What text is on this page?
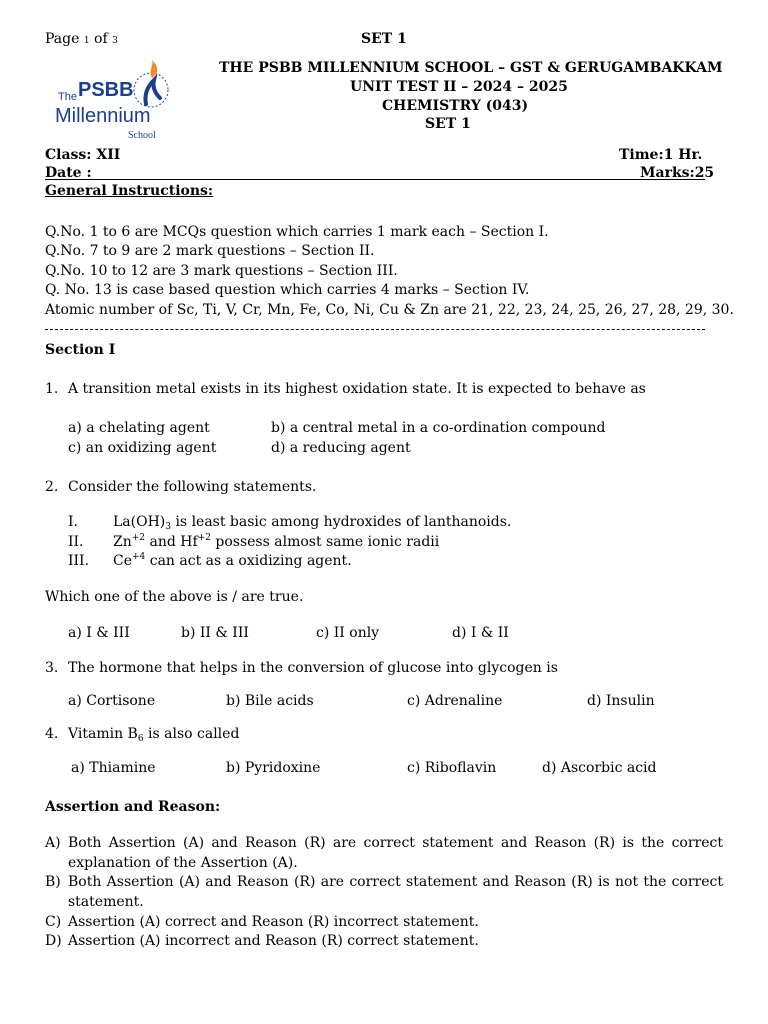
Page 1 of 3	SET 1
The PSBB
Millennium
School
THE PSBB MILLENNIUM SCHOOL – GST & GERUGAMBAKKAM
UNIT TEST II – 2024 – 2025
CHEMISTRY (043)
SET 1
Class: XII	Time:1 Hr.
Date :	Marks:25
General Instructions:
Q.No. 1 to 6 are MCQs question which carries 1 mark each – Section I.
Q.No. 7 to 9 are 2 mark questions – Section II.
Q.No. 10 to 12 are 3 mark questions – Section III.
Q. No. 13 is case based question which carries 4 marks – Section IV.
Atomic number of Sc, Ti, V, Cr, Mn, Fe, Co, Ni, Cu & Zn are 21, 22, 23, 24, 25, 26, 27, 28, 29, 30.
Section I
1. A transition metal exists in its highest oxidation state. It is expected to behave as
a) a chelating agent	b) a central metal in a co-ordination compound
c) an oxidizing agent	d) a reducing agent
2. Consider the following statements.
I.	$La(OH)_3$ is least basic among hydroxides of lanthanoids.
II. $Zn^{+2}$ and $Hf^{+2}$ possess almost same ionic radii
III. $Ce^{+4}$ can act as a oxidizing agent.
Which one of the above is / are true.
a) I & III	b) II & III	c) II only	d) I & II
3. The hormone that helps in the conversion of glucose into glycogen is
a) Cortisone	b) Bile acids	c) Adrenaline	d) Insulin
4. Vitamin $B_6$ is also called
a) Thiamine	b) Pyridoxine	c) Riboflavin	d) Ascorbic acid
Assertion and Reason:
A) Both Assertion (A) and Reason (R) are correct statement and Reason (R) is the correct explanation of the Assertion (A).
B) Both Assertion (A) and Reason (R) are correct statement and Reason (R) is not the correct statement.
C) Assertion (A) correct and Reason (R) incorrect statement.
D) Assertion (A) incorrect and Reason (R) correct statement.
